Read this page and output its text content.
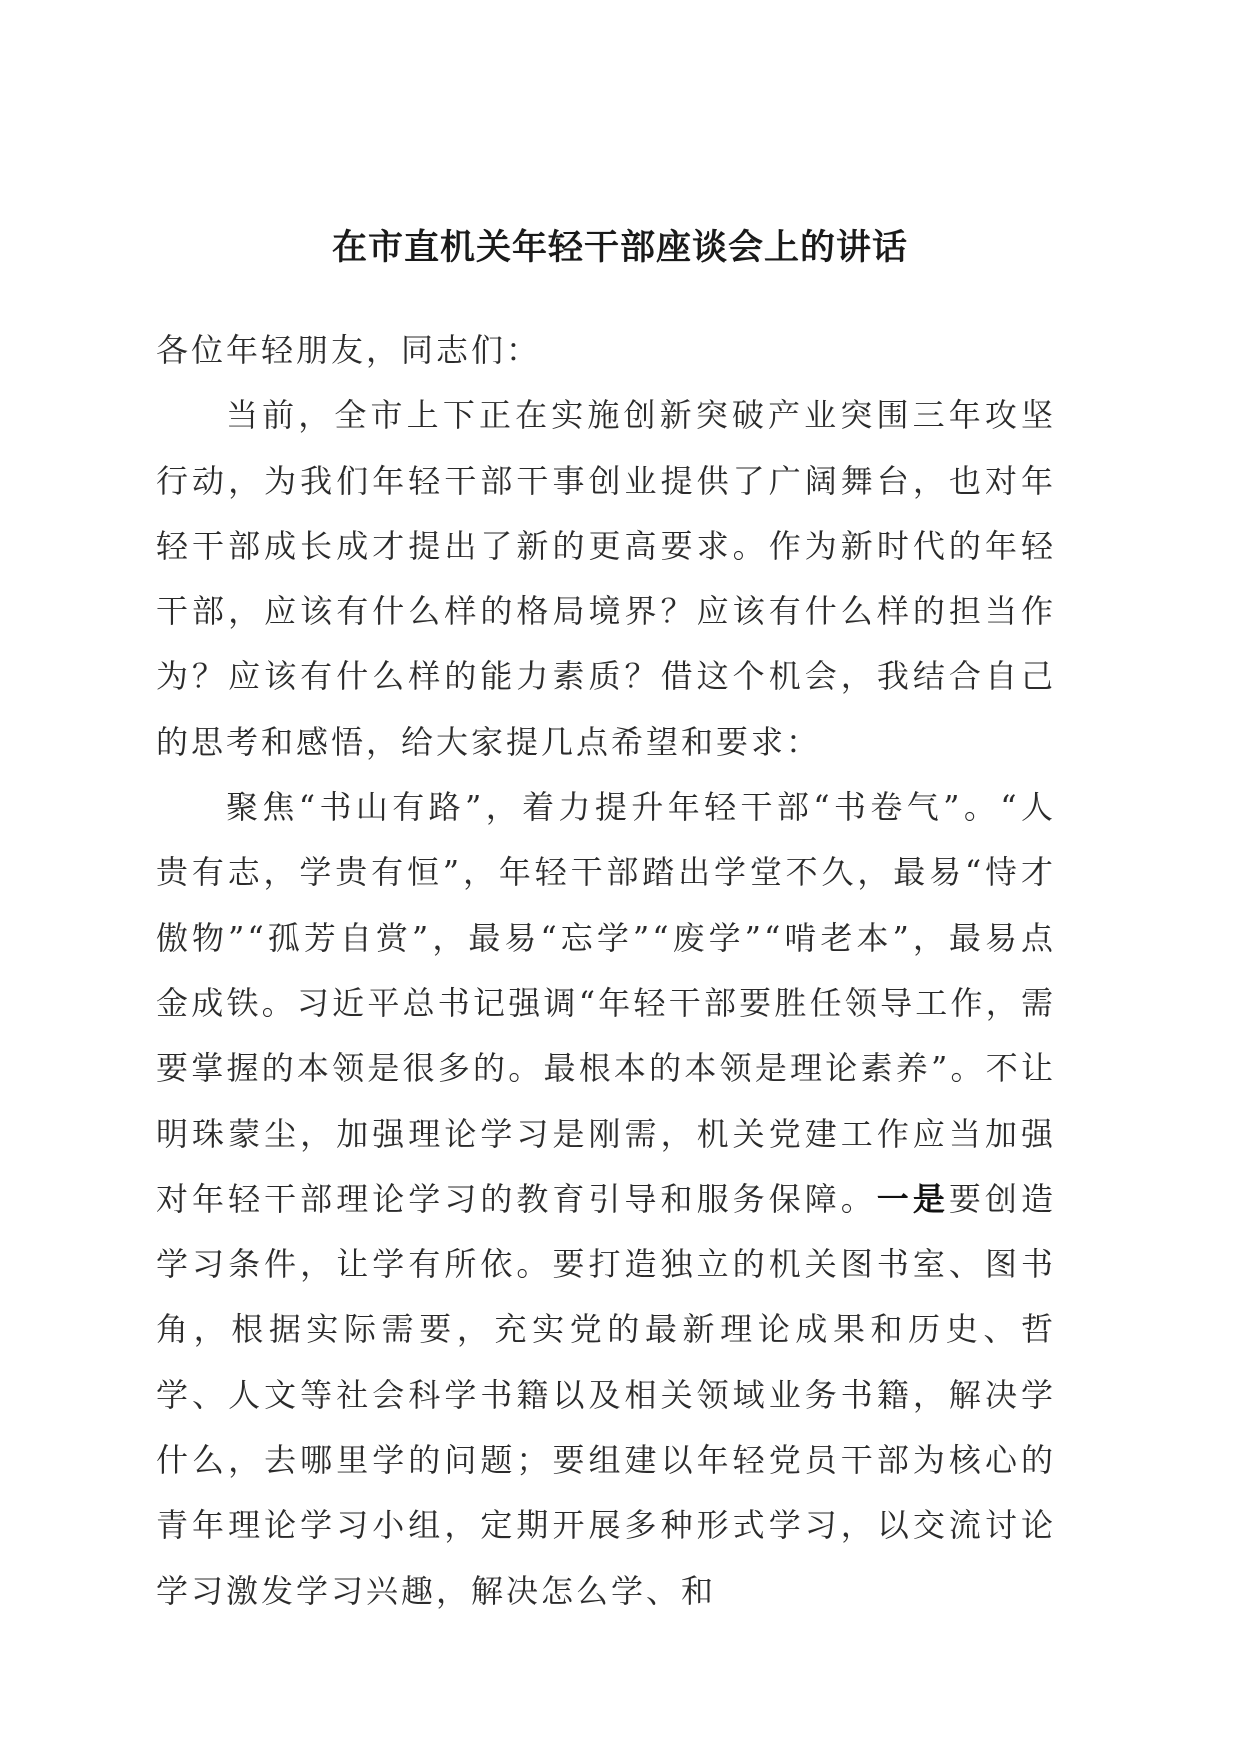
在市直机关年轻干部座谈会上的讲话

各位年轻朋友，同志们：

当前，全市上下正在实施创新突破产业突围三年攻坚行动，为我们年轻干部干事创业提供了广阔舞台，也对年轻干部成长成才提出了新的更高要求。作为新时代的年轻干部，应该有什么样的格局境界？应该有什么样的担当作为？应该有什么样的能力素质？借这个机会，我结合自己的思考和感悟，给大家提几点希望和要求：

聚焦“书山有路”，着力提升年轻干部“书卷气”。“人贵有志，学贵有恒”，年轻干部踏出学堂不久，最易“恃才傲物”“孤芳自赏”，最易“忘学”“废学”“啃老本”，最易点金成铁。习近平总书记强调“年轻干部要胜任领导工作，需要掌握的本领是很多的。最根本的本领是理论素养”。不让明珠蒙尘，加强理论学习是刚需，机关党建工作应当加强对年轻干部理论学习的教育引导和服务保障。一是要创造学习条件，让学有所依。要打造独立的机关图书室、图书角，根据实际需要，充实党的最新理论成果和历史、哲学、人文等社会科学书籍以及相关领域业务书籍，解决学什么，去哪里学的问题；要组建以年轻党员干部为核心的青年理论学习小组，定期开展多种形式学习，以交流讨论学习激发学习兴趣，解决怎么学、和
